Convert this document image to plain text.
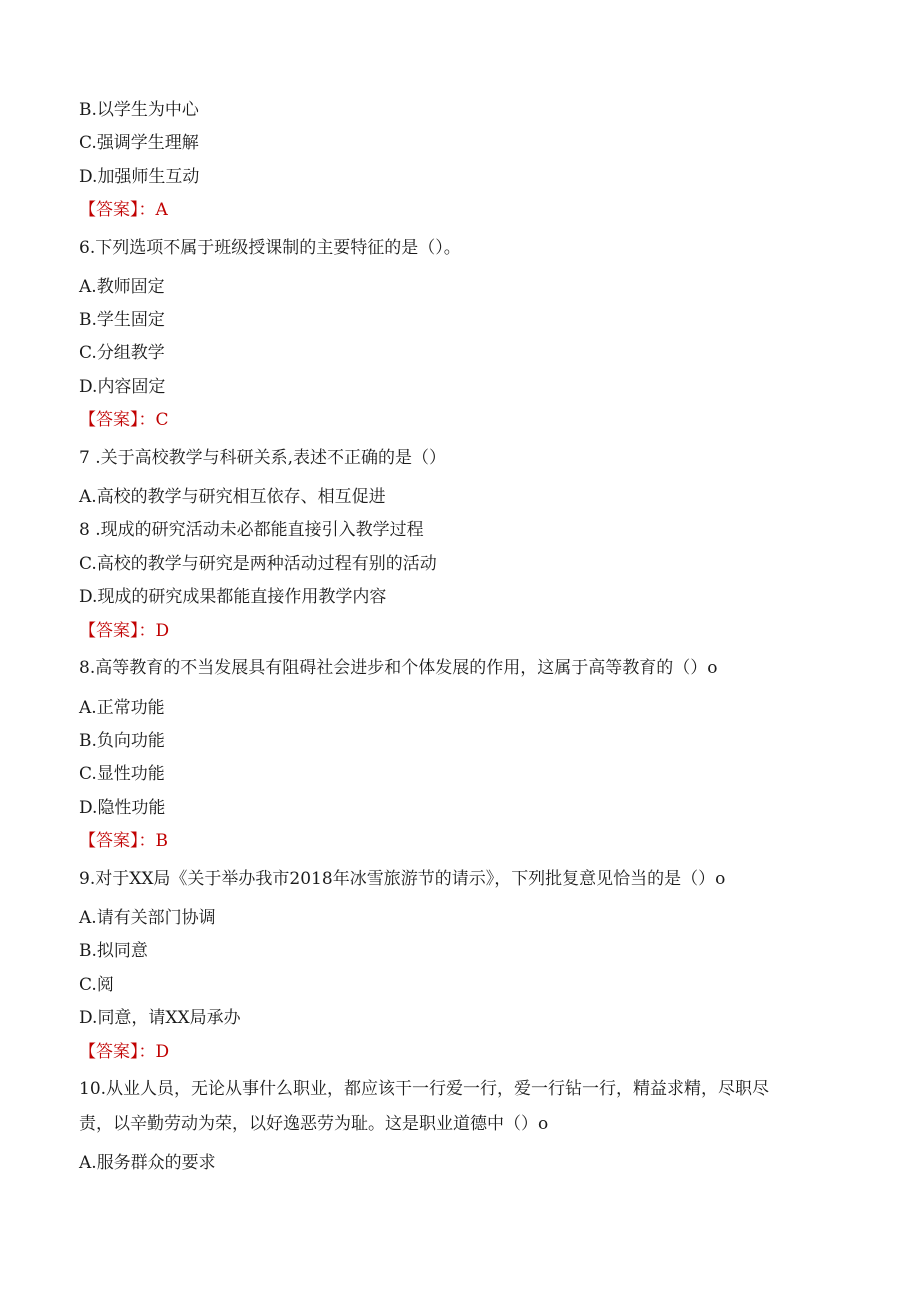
B.以学生为中心
C.强调学生理解
D.加强师生互动
【答案】：A
6.下列选项不属于班级授课制的主要特征的是（）。
A.教师固定
B.学生固定
C.分组教学
D.内容固定
【答案】：C
7 .关于高校教学与科研关系,表述不正确的是（）
A.高校的教学与研究相互依存、相互促进
8 .现成的研究活动未必都能直接引入教学过程
C.高校的教学与研究是两种活动过程有别的活动
D.现成的研究成果都能直接作用教学内容
【答案】：D
8.高等教育的不当发展具有阻碍社会进步和个体发展的作用，这属于高等教育的（）o
A.正常功能
B.负向功能
C.显性功能
D.隐性功能
【答案】：B
9.对于XX局《关于举办我市2018年冰雪旅游节的请示》，下列批复意见恰当的是（）o
A.请有关部门协调
B.拟同意
C.阅
D.同意，请XX局承办
【答案】：D
10.从业人员，无论从事什么职业，都应该干一行爱一行，爱一行钻一行，精益求精，尽职尽
责，以辛勤劳动为荣，以好逸恶劳为耻。这是职业道德中（）o
A.服务群众的要求
